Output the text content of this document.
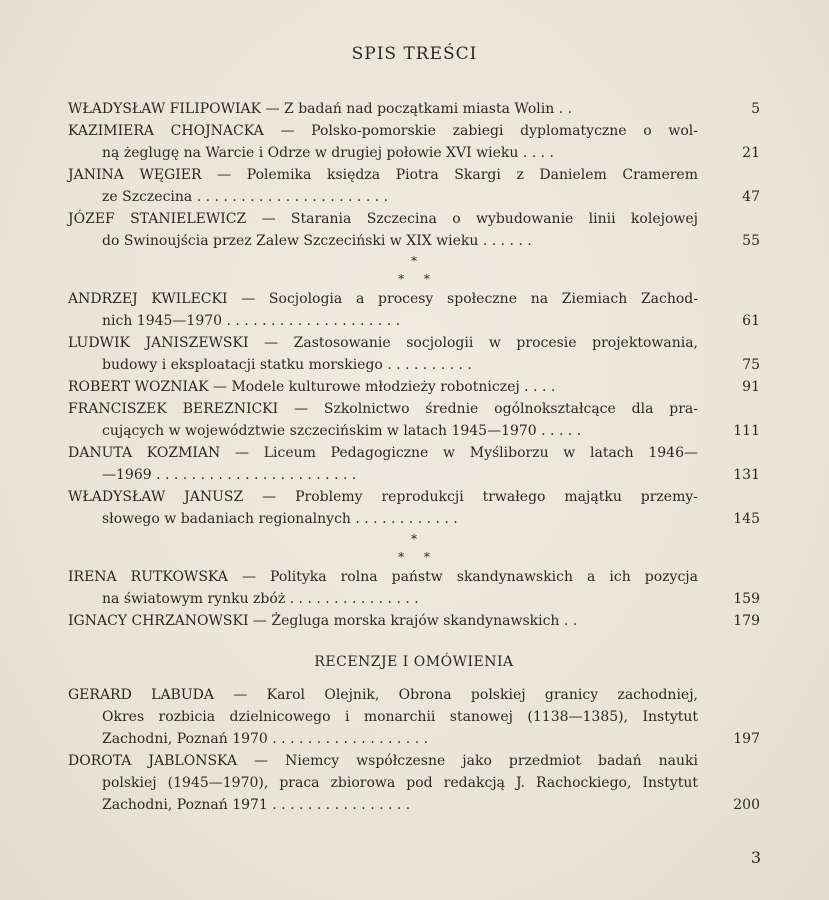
SPIS TREŚCI
WŁADYSŁAW FILIPOWIAK — Z badań nad początkami miasta Wolin . .	5
KAZIMIERA CHOJNACKA — Polsko-pomorskie zabiegi dyplomatyczne o wol-
ną żeglugę na Warcie i Odrze w drugiej połowie XVI wieku . . . .	21
JANINA WĘGIER — Polemika księdza Piotra Skargi z Danielem Cramerem
ze Szczecina . . . . . . . . . . . . . . . . . . . . . .	47
JÓZEF STANIELEWICZ — Starania Szczecina o wybudowanie linii kolejowej
do Swinoujścia przez Zalew Szczeciński w XIX wieku . . . . . .	55
*
* *
ANDRZEJ KWILECKI — Socjologia a procesy społeczne na Ziemiach Zachod-
nich 1945—1970 . . . . . . . . . . . . . . . . . . . .	61
LUDWIK JANISZEWSKI — Zastosowanie socjologii w procesie projektowania,
budowy i eksploatacji statku morskiego . . . . . . . . . .	75
ROBERT WOZNIAK — Modele kulturowe młodzieży robotniczej . . . .	91
FRANCISZEK BEREZNICKI — Szkolnictwo średnie ogólnokształcące dla pra-
cujących w województwie szczecińskim w latach 1945—1970 . . . . .	111
DANUTA KOZMIAN — Liceum Pedagogiczne w Myśliborzu w latach 1946—
—1969 . . . . . . . . . . . . . . . . . . . . . . .	131
WŁADYSŁAW JANUSZ — Problemy reprodukcji trwałego majątku przemy-
słowego w badaniach regionalnych . . . . . . . . . . . .	145
*
* *
IRENA RUTKOWSKA — Polityka rolna państw skandynawskich a ich pozycja
na światowym rynku zbóż . . . . . . . . . . . . . . .	159
IGNACY CHRZANOWSKI — Żegluga morska krajów skandynawskich . .	179
RECENZJE I OMÓWIENIA
GERARD LABUDA — Karol Olejnik, Obrona polskiej granicy zachodniej,
Okres rozbicia dzielnicowego i monarchii stanowej (1138—1385), Instytut
Zachodni, Poznań 1970 . . . . . . . . . . . . . . . . . .	197
DOROTA JABLONSKA — Niemcy współczesne jako przedmiot badań nauki
polskiej (1945—1970), praca zbiorowa pod redakcją J. Rachockiego, Instytut
Zachodni, Poznań 1971 . . . . . . . . . . . . . . . .	200
3
